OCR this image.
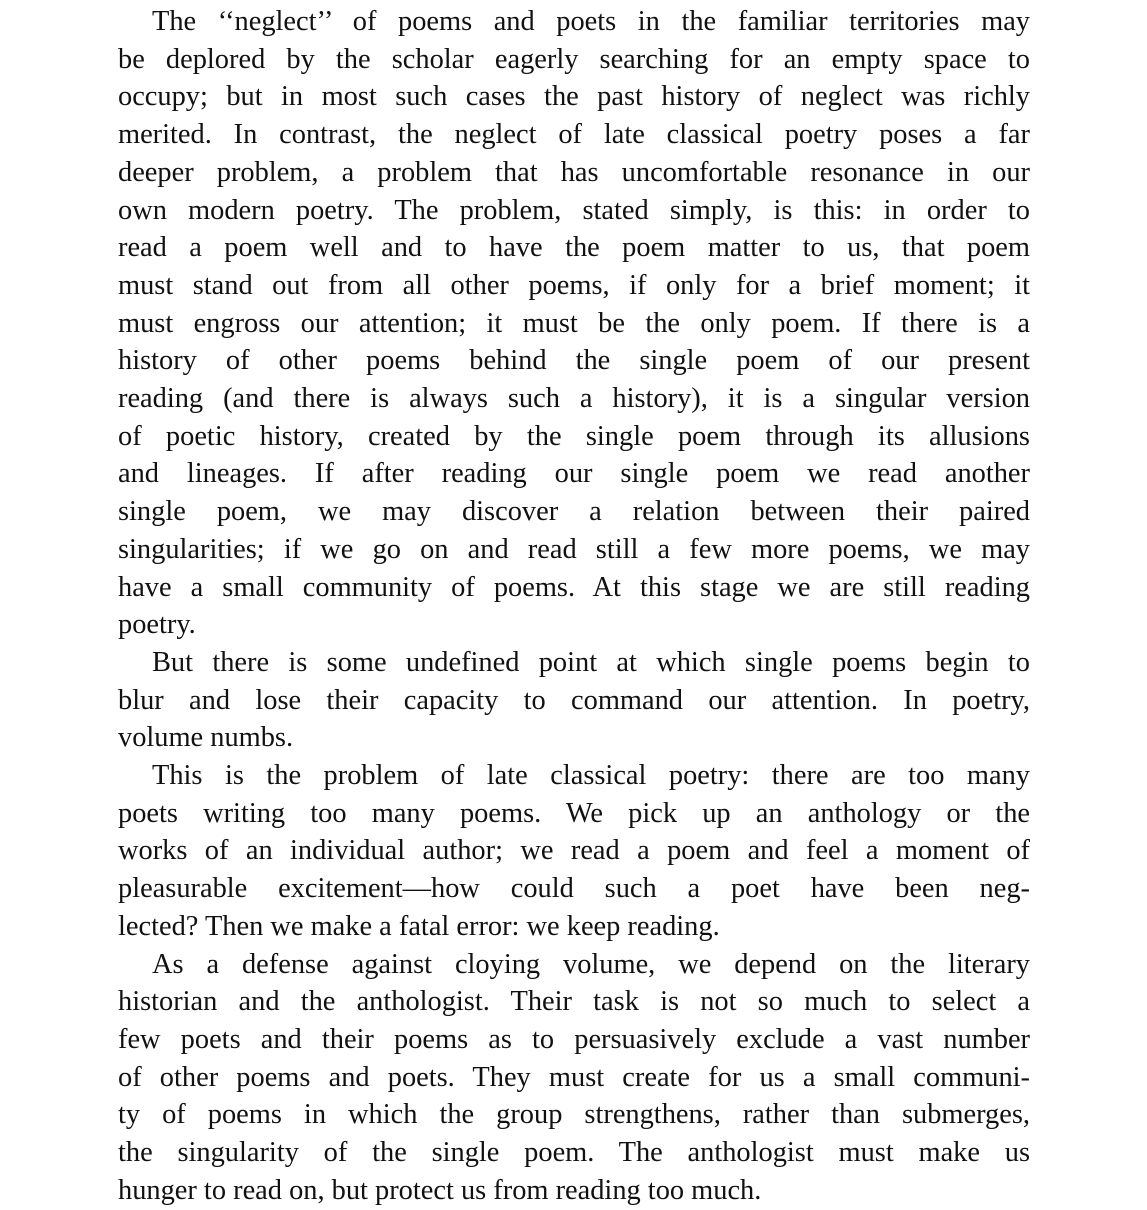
The ‘‘neglect’’ of poems and poets in the familiar territories may
be deplored by the scholar eagerly searching for an empty space to
occupy; but in most such cases the past history of neglect was richly
merited. In contrast, the neglect of late classical poetry poses a far
deeper problem, a problem that has uncomfortable resonance in our
own modern poetry. The problem, stated simply, is this: in order to
read a poem well and to have the poem matter to us, that poem
must stand out from all other poems, if only for a brief moment; it
must engross our attention; it must be the only poem. If there is a
history of other poems behind the single poem of our present
reading (and there is always such a history), it is a singular version
of poetic history, created by the single poem through its allusions
and lineages. If after reading our single poem we read another
single poem, we may discover a relation between their paired
singularities; if we go on and read still a few more poems, we may
have a small community of poems. At this stage we are still reading
poetry.
But there is some undefined point at which single poems begin to
blur and lose their capacity to command our attention. In poetry,
volume numbs.
This is the problem of late classical poetry: there are too many
poets writing too many poems. We pick up an anthology or the
works of an individual author; we read a poem and feel a moment of
pleasurable excitement—how could such a poet have been neg-
lected? Then we make a fatal error: we keep reading.
As a defense against cloying volume, we depend on the literary
historian and the anthologist. Their task is not so much to select a
few poets and their poems as to persuasively exclude a vast number
of other poems and poets. They must create for us a small communi-
ty of poems in which the group strengthens, rather than submerges,
the singularity of the single poem. The anthologist must make us
hunger to read on, but protect us from reading too much.
